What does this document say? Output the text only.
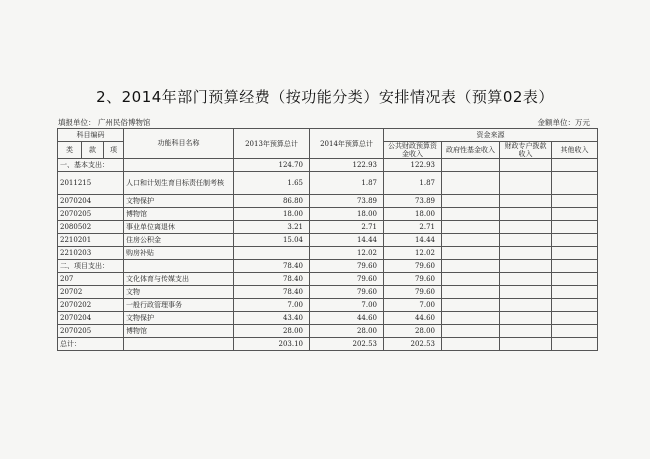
2、2014年部门预算经费（按功能分类）安排情况表（预算02表）
填报单位： 广州民俗博物馆	金额单位：万元
科目编码			功能科目名称	2013年预算总计	2014年预算总计	资金来源			
类	款	项				公共财政预算资金收入	政府性基金收入	财政专户拨款收入	其他收入

一、基本支出：				124.70	122.93	122.93			
2011215			人口和计划生育目标责任制考核	1.65	1.87	1.87			
2070204			文物保护	86.80	73.89	73.89			
2070205			博物馆	18.00	18.00	18.00			
2080502			事业单位离退休	3.21	2.71	2.71			
2210201			住房公积金	15.04	14.44	14.44			
2210203			购房补贴		12.02	12.02			
二、项目支出：				78.40	79.60	79.60			
207			文化体育与传媒支出	78.40	79.60	79.60			
20702			文物	78.40	79.60	79.60			
2070202			一般行政管理事务	7.00	7.00	7.00			
2070204			文物保护	43.40	44.60	44.60			
2070205			博物馆	28.00	28.00	28.00			
总计：				203.10	202.53	202.53			
